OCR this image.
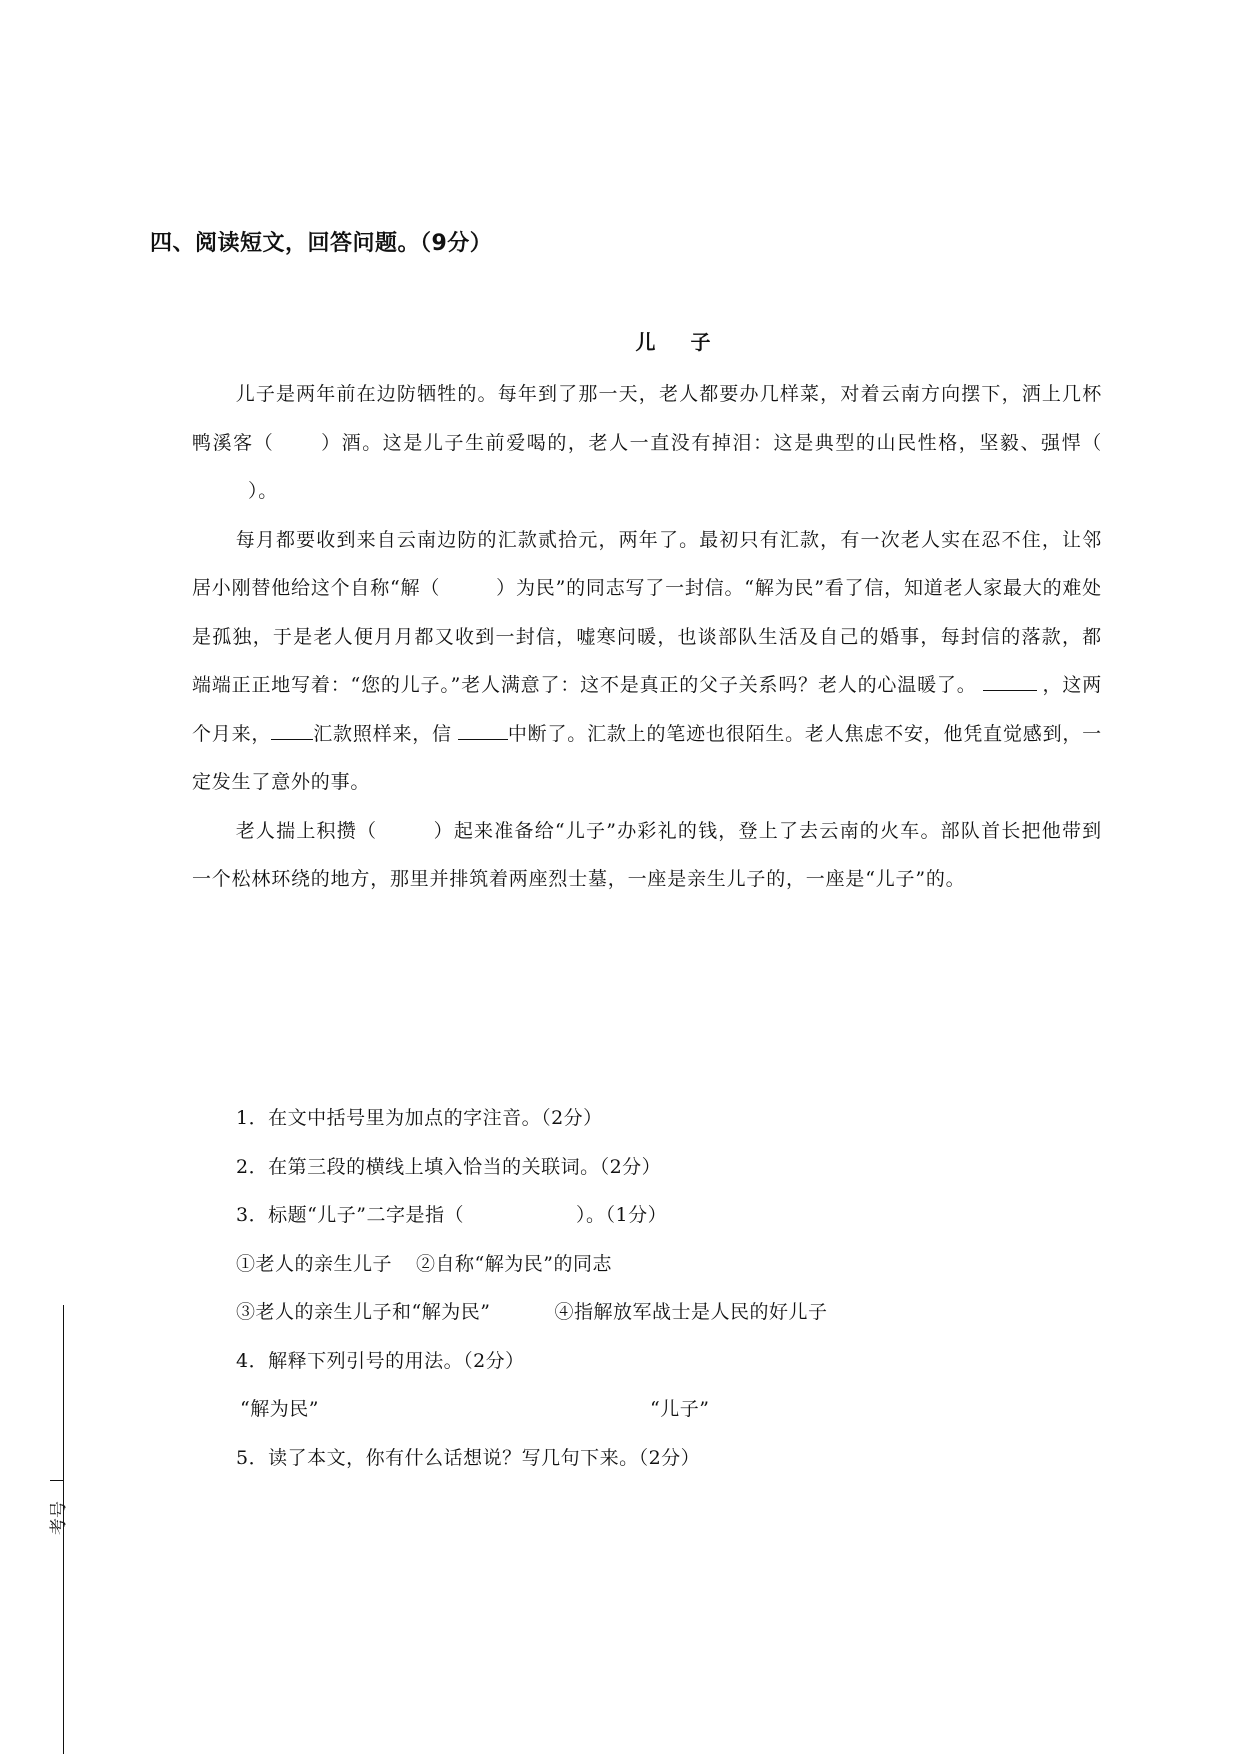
四、阅读短文，回答问题。（9分）
儿 子

儿子是两年前在边防牺牲的。每年到了那一天，老人都要办几样菜，对着云南方向摆下，洒上几杯鸭溪客（ ）酒。这是儿子生前爱喝的，老人一直没有掉泪：这是典型的山民性格，坚毅、强悍（）。

每月都要收到来自云南边防的汇款贰拾元，两年了。最初只有汇款，有一次老人实在忍不住，让邻居小刚替他给这个自称“解（	）为民”的同志写了一封信。“解为民”看了信，知道老人家最大的难处是孤独，于是老人便月月都又收到一封信，嘘寒问暖，也谈部队生活及自己的婚事，每封信的落款，都端端正正地写着：“您的儿子。”老人满意了：这不是真正的父子关系吗？老人的心温暖了。	，这两个月来， 汇款照样来，信	中断了。汇款上的笔迹也很陌生。老人焦虑不安，他凭直觉感到，一定发生了意外的事。

老人揣上积攒（	）起来准备给“儿子”办彩礼的钱，登上了去云南的火车。部队首长把他带到一个松林环绕的地方，那里并排筑着两座烈士墓，一座是亲生儿子的，一座是“儿子”的。

1．在文中括号里为加点的字注音。（2分）
2．在第三段的横线上填入恰当的关联词。（2分）
3．标题“儿子”二字是指（	）。（1分）
①老人的亲生儿子 ②自称“解为民”的同志
③老人的亲生儿子和“解为民”	④指解放军战士是人民的好儿子
4．解释下列引号的用法。（2分）
“解为民”	“儿子”
5．读了本文，你有什么话想说？写几句下来。（2分）
考号
